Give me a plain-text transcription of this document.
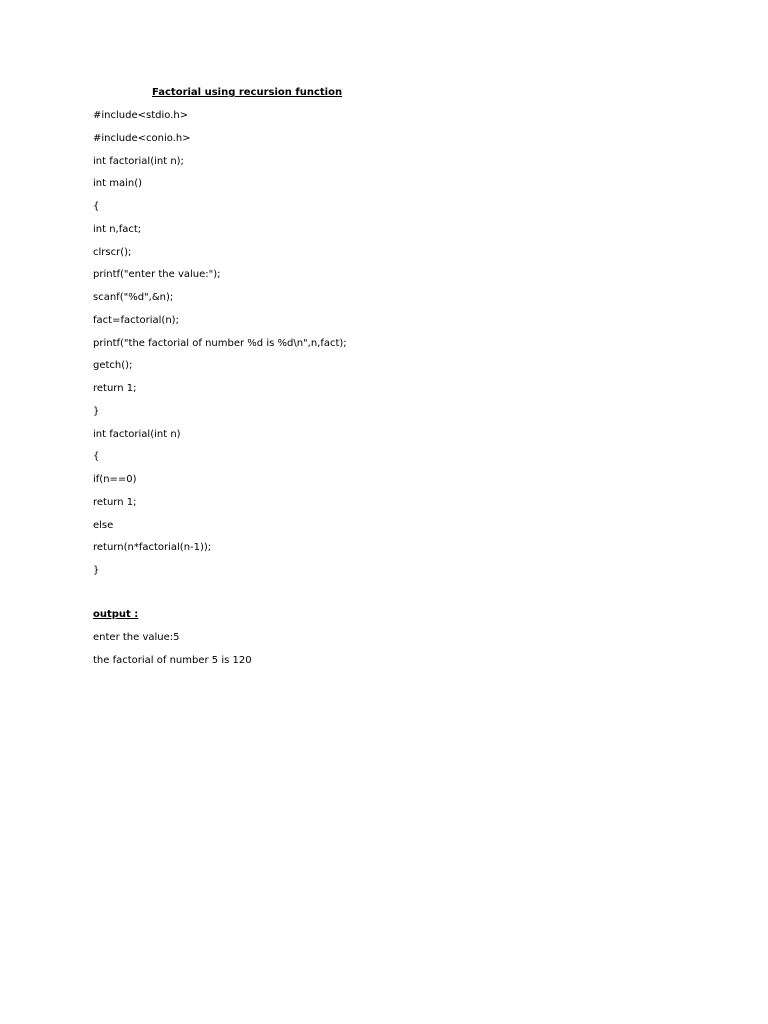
Factorial using recursion function
#include<stdio.h>
#include<conio.h>
int factorial(int n);
int main()
{
int n,fact;
clrscr();
printf("enter the value:");
scanf("%d",&n);
fact=factorial(n);
printf("the factorial of number %d is %d\n",n,fact);
getch();
return 1;
}
int factorial(int n)
{
if(n==0)
return 1;
else
return(n*factorial(n-1));
}
output :
enter the value:5
the factorial of number 5 is 120
